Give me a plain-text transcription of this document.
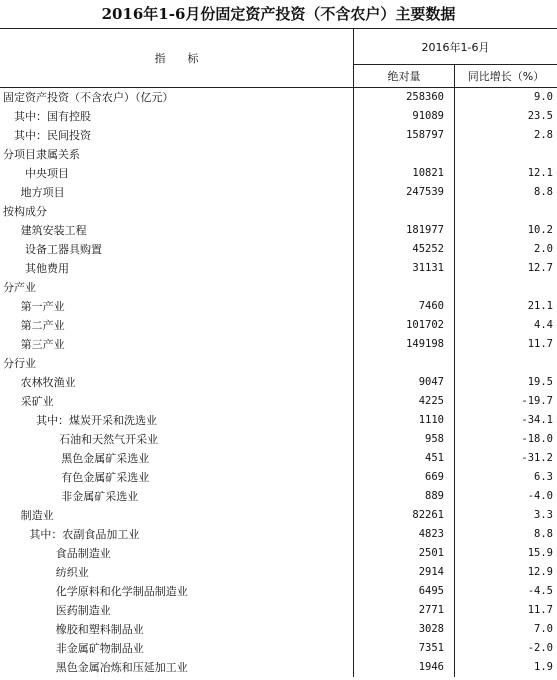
2016年1-6月份固定资产投资（不含农户）主要数据
指　　标
2016年1-6月
绝对量	同比增长（%）
固定资产投资（不含农户）（亿元）	258360	9.0
其中：国有控股	91089	23.5
其中：民间投资	158797	2.8
分项目隶属关系
中央项目	10821	12.1
地方项目	247539	8.8
按构成分
建筑安装工程	181977	10.2
设备工器具购置	45252	2.0
其他费用	31131	12.7
分产业
第一产业	7460	21.1
第二产业	101702	4.4
第三产业	149198	11.7
分行业
农林牧渔业	9047	19.5
采矿业	4225	-19.7
其中：煤炭开采和洗选业	1110	-34.1
石油和天然气开采业	958	-18.0
黑色金属矿采选业	451	-31.2
有色金属矿采选业	669	6.3
非金属矿采选业	889	-4.0
制造业	82261	3.3
其中：农副食品加工业	4823	8.8
食品制造业	2501	15.9
纺织业	2914	12.9
化学原料和化学制品制造业	6495	-4.5
医药制造业	2771	11.7
橡胶和塑料制品业	3028	7.0
非金属矿物制品业	7351	-2.0
黑色金属冶炼和压延加工业	1946	1.9
